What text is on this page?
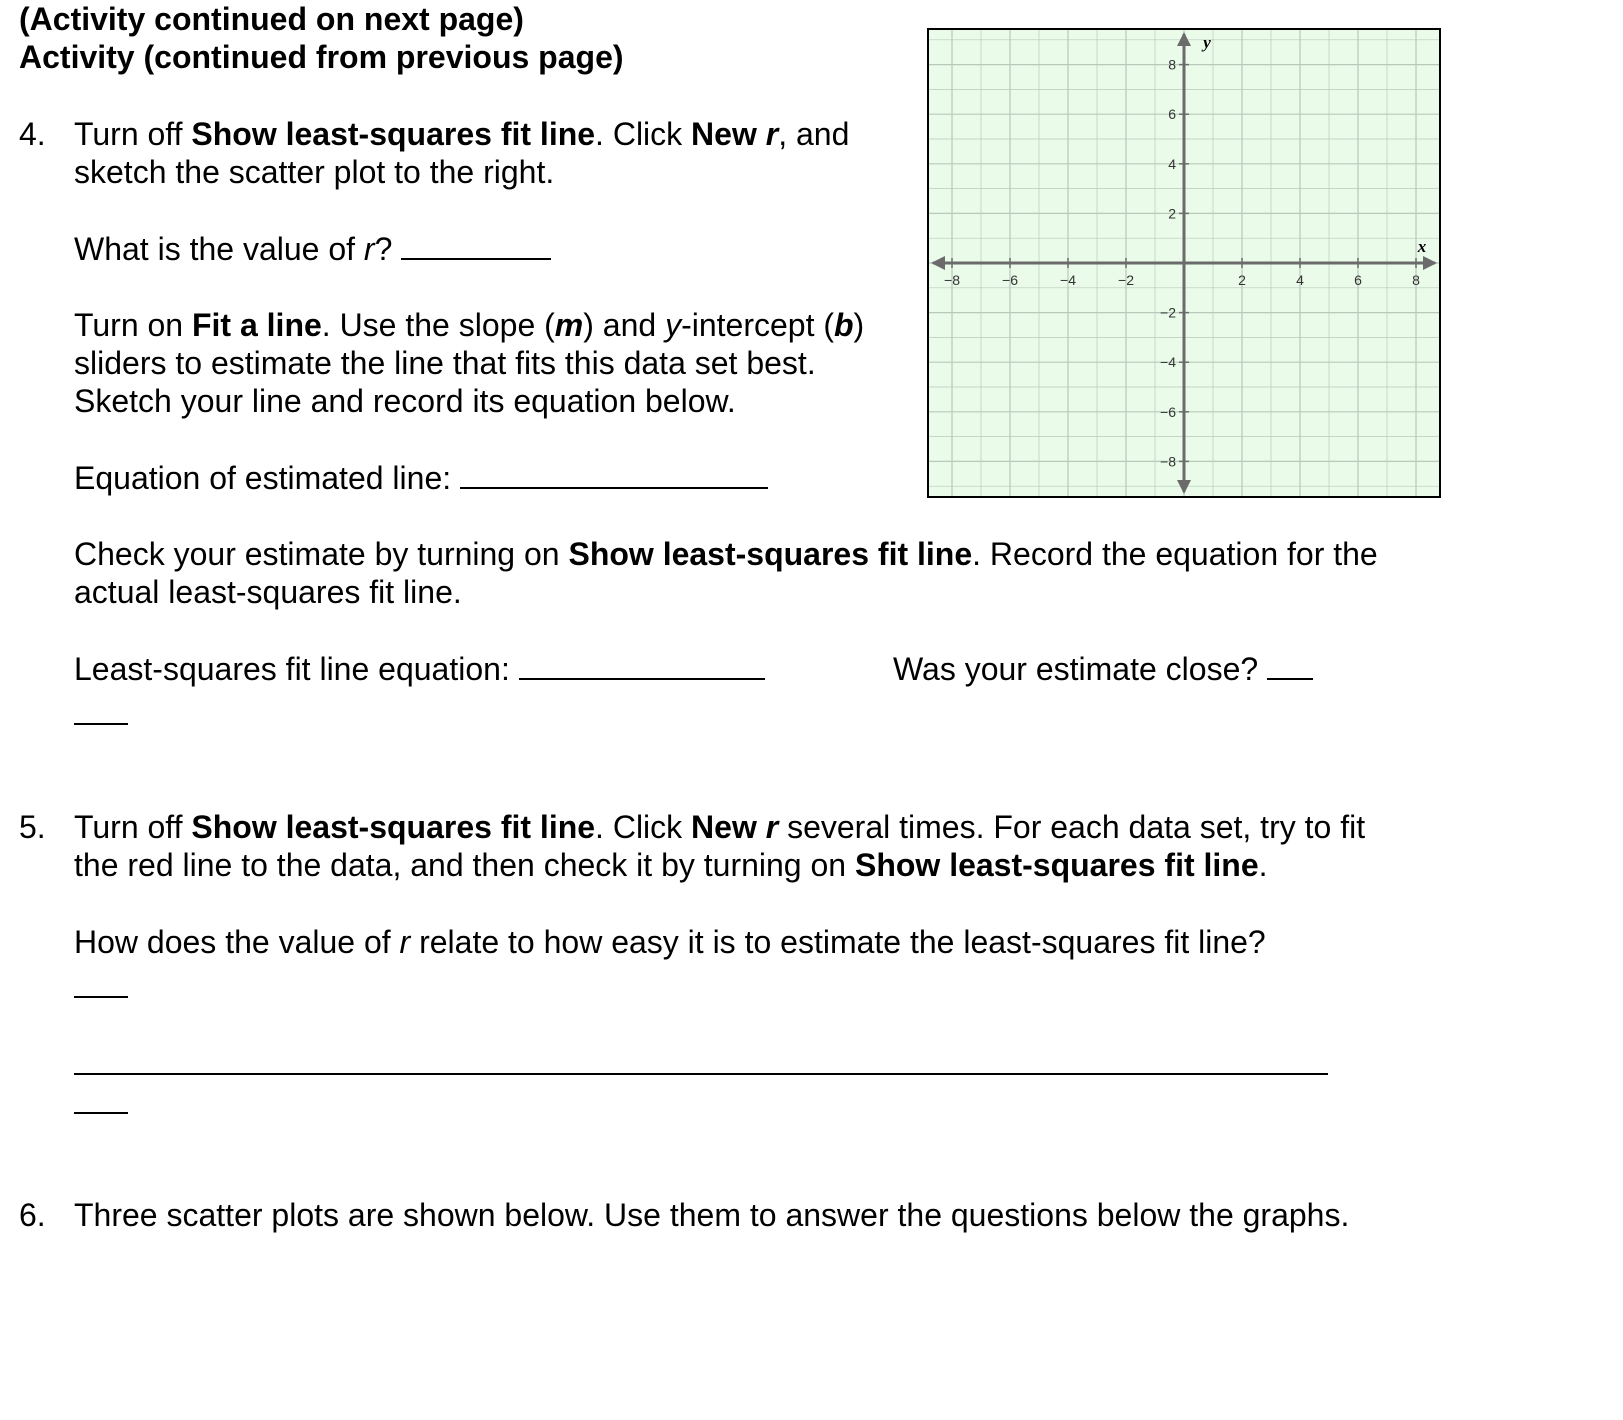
(Activity continued on next page)
Activity (continued from previous page)
4. Turn off Show least-squares fit line. Click New r, and
sketch the scatter plot to the right.
What is the value of r?
Turn on Fit a line. Use the slope (m) and y-intercept (b)
sliders to estimate the line that fits this data set best.
Sketch your line and record its equation below.
Equation of estimated line:
Check your estimate by turning on Show least-squares fit line. Record the equation for the
actual least-squares fit line.
Least-squares fit line equation:	Was your estimate close?
5. Turn off Show least-squares fit line. Click New r several times. For each data set, try to fit
the red line to the data, and then check it by turning on Show least-squares fit line.
How does the value of r relate to how easy it is to estimate the least-squares fit line?
6. Three scatter plots are shown below. Use them to answer the questions below the graphs.
−8	−6	−4	−2	2	4	6	8
8
6
4
2
−2
−4
−6
−8
x
y
